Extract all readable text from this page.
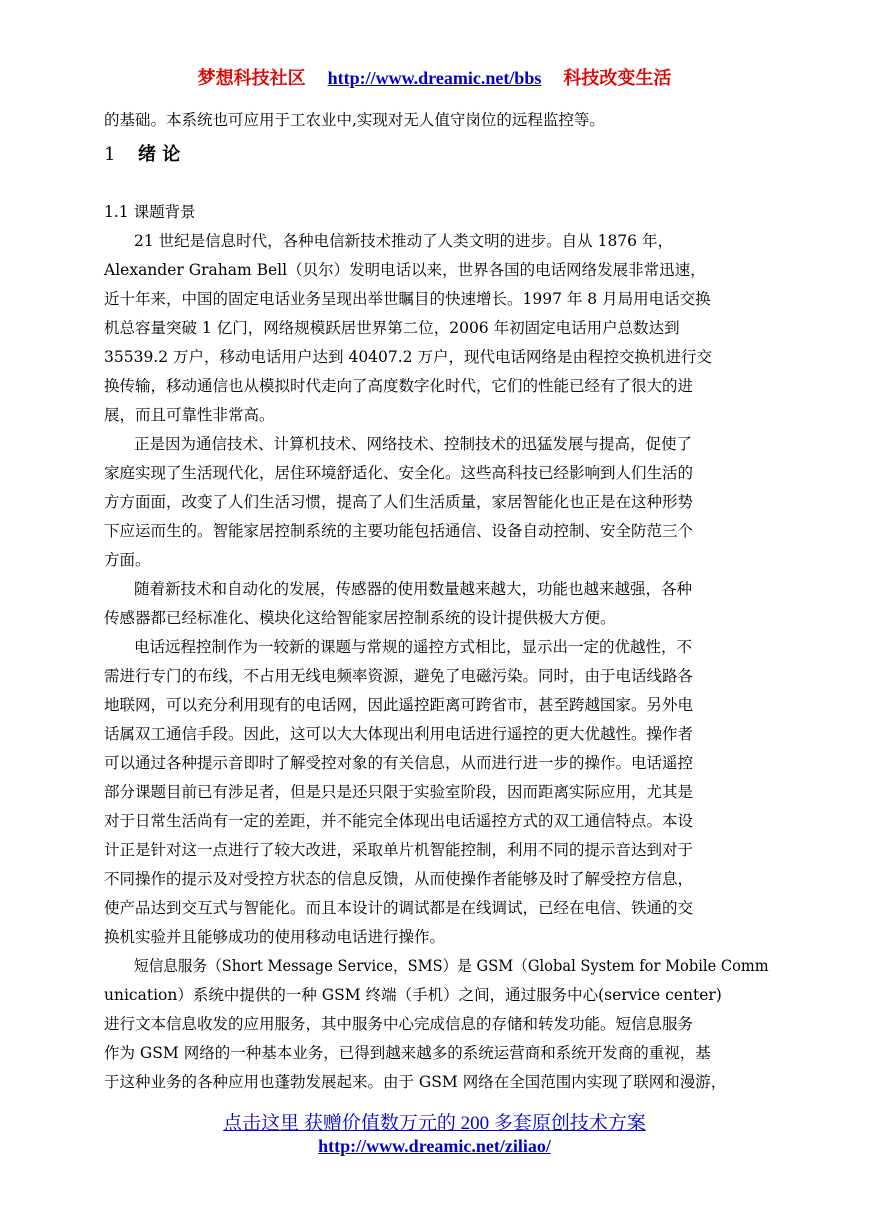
梦想科技社区 http://www.dreamic.net/bbs 科技改变生活
的基础。本系统也可应用于工农业中,实现对无人值守岗位的远程监控等。
1 绪 论
1.1 课题背景
21 世纪是信息时代，各种电信新技术推动了人类文明的进步。自从 1876 年，
Alexander Graham Bell（贝尔）发明电话以来，世界各国的电话网络发展非常迅速，
近十年来，中国的固定电话业务呈现出举世瞩目的快速增长。1997 年 8 月局用电话交换
机总容量突破 1 亿门，网络规模跃居世界第二位，2006 年初固定电话用户总数达到
35539.2 万户，移动电话用户达到 40407.2 万户，现代电话网络是由程控交换机进行交
换传输，移动通信也从模拟时代走向了高度数字化时代，它们的性能已经有了很大的进
展，而且可靠性非常高。
正是因为通信技术、计算机技术、网络技术、控制技术的迅猛发展与提高，促使了
家庭实现了生活现代化，居住环境舒适化、安全化。这些高科技已经影响到人们生活的
方方面面，改变了人们生活习惯，提高了人们生活质量，家居智能化也正是在这种形势
下应运而生的。智能家居控制系统的主要功能包括通信、设备自动控制、安全防范三个
方面。
随着新技术和自动化的发展，传感器的使用数量越来越大，功能也越来越强，各种
传感器都已经标准化、模块化这给智能家居控制系统的设计提供极大方便。
电话远程控制作为一较新的课题与常规的遥控方式相比，显示出一定的优越性，不
需进行专门的布线，不占用无线电频率资源，避免了电磁污染。同时，由于电话线路各
地联网，可以充分利用现有的电话网，因此遥控距离可跨省市，甚至跨越国家。另外电
话属双工通信手段。因此，这可以大大体现出利用电话进行遥控的更大优越性。操作者
可以通过各种提示音即时了解受控对象的有关信息，从而进行进一步的操作。电话遥控
部分课题目前已有涉足者，但是只是还只限于实验室阶段，因而距离实际应用，尤其是
对于日常生活尚有一定的差距，并不能完全体现出电话遥控方式的双工通信特点。本设
计正是针对这一点进行了较大改进，采取单片机智能控制，利用不同的提示音达到对于
不同操作的提示及对受控方状态的信息反馈，从而使操作者能够及时了解受控方信息，
使产品达到交互式与智能化。而且本设计的调试都是在线调试，已经在电信、铁通的交
换机实验并且能够成功的使用移动电话进行操作。
短信息服务（Short Message Service，SMS）是 GSM（Global System for Mobile Comm
unication）系统中提供的一种 GSM 终端（手机）之间，通过服务中心(service center)
进行文本信息收发的应用服务，其中服务中心完成信息的存储和转发功能。短信息服务
作为 GSM 网络的一种基本业务，已得到越来越多的系统运营商和系统开发商的重视，基
于这种业务的各种应用也蓬勃发展起来。由于 GSM 网络在全国范围内实现了联网和漫游，
点击这里 获赠价值数万元的 200 多套原创技术方案
http://www.dreamic.net/ziliao/
